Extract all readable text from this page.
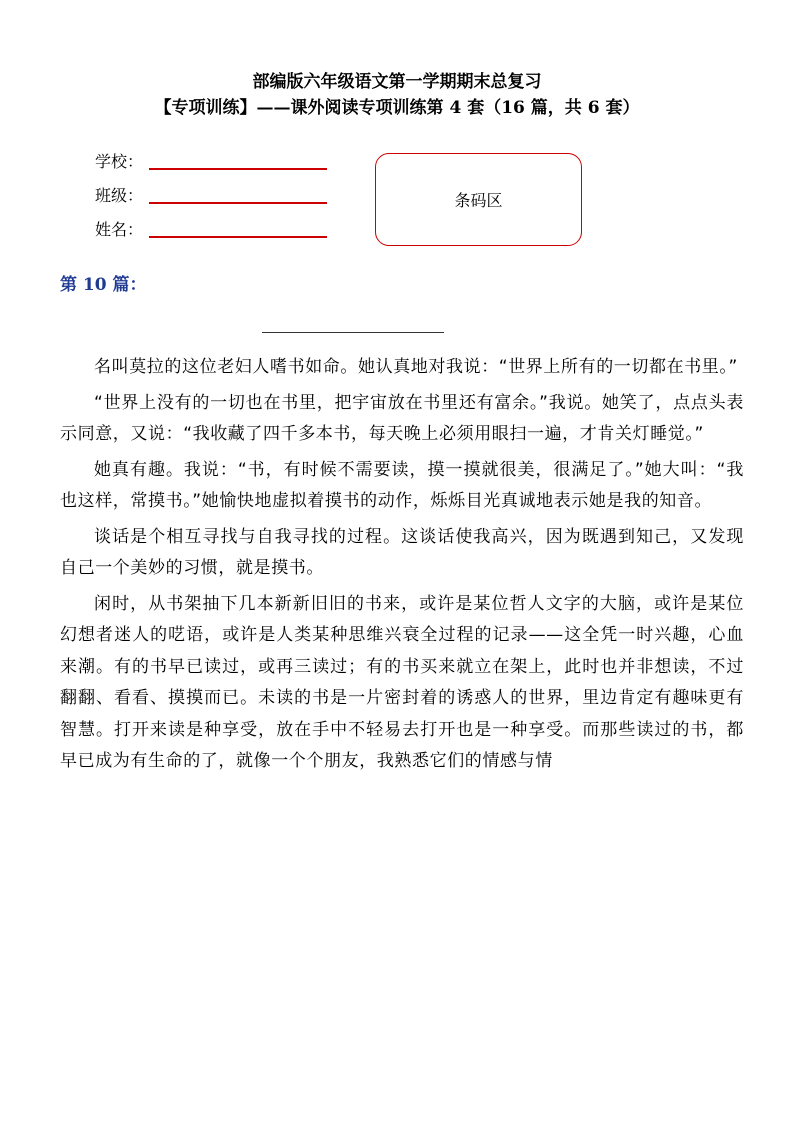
部编版六年级语文第一学期期末总复习
【专项训练】——课外阅读专项训练第 4 套（16 篇，共 6 套）
学校：
班级：
姓名：
条码区
第 10 篇：

名叫莫拉的这位老妇人嗜书如命。她认真地对我说：“世界上所有的一切都在书里。”

“世界上没有的一切也在书里，把宇宙放在书里还有富余。”我说。她笑了，点点头表示同意，又说：“我收藏了四千多本书，每天晚上必须用眼扫一遍，才肯关灯睡觉。”

她真有趣。我说：“书，有时候不需要读，摸一摸就很美，很满足了。”她大叫：“我也这样，常摸书。”她愉快地虚拟着摸书的动作，烁烁目光真诚地表示她是我的知音。

谈话是个相互寻找与自我寻找的过程。这谈话使我高兴，因为既遇到知己，又发现自己一个美妙的习惯，就是摸书。

闲时，从书架抽下几本新新旧旧的书来，或许是某位哲人文字的大脑，或许是某位幻想者迷人的呓语，或许是人类某种思维兴衰全过程的记录——这全凭一时兴趣，心血来潮。有的书早已读过，或再三读过；有的书买来就立在架上，此时也并非想读，不过翻翻、看看、摸摸而已。未读的书是一片密封着的诱惑人的世界，里边肯定有趣味更有智慧。打开来读是种享受，放在手中不轻易去打开也是一种享受。而那些读过的书，都早已成为有生命的了，就像一个个朋友，我熟悉它们的情感与情
